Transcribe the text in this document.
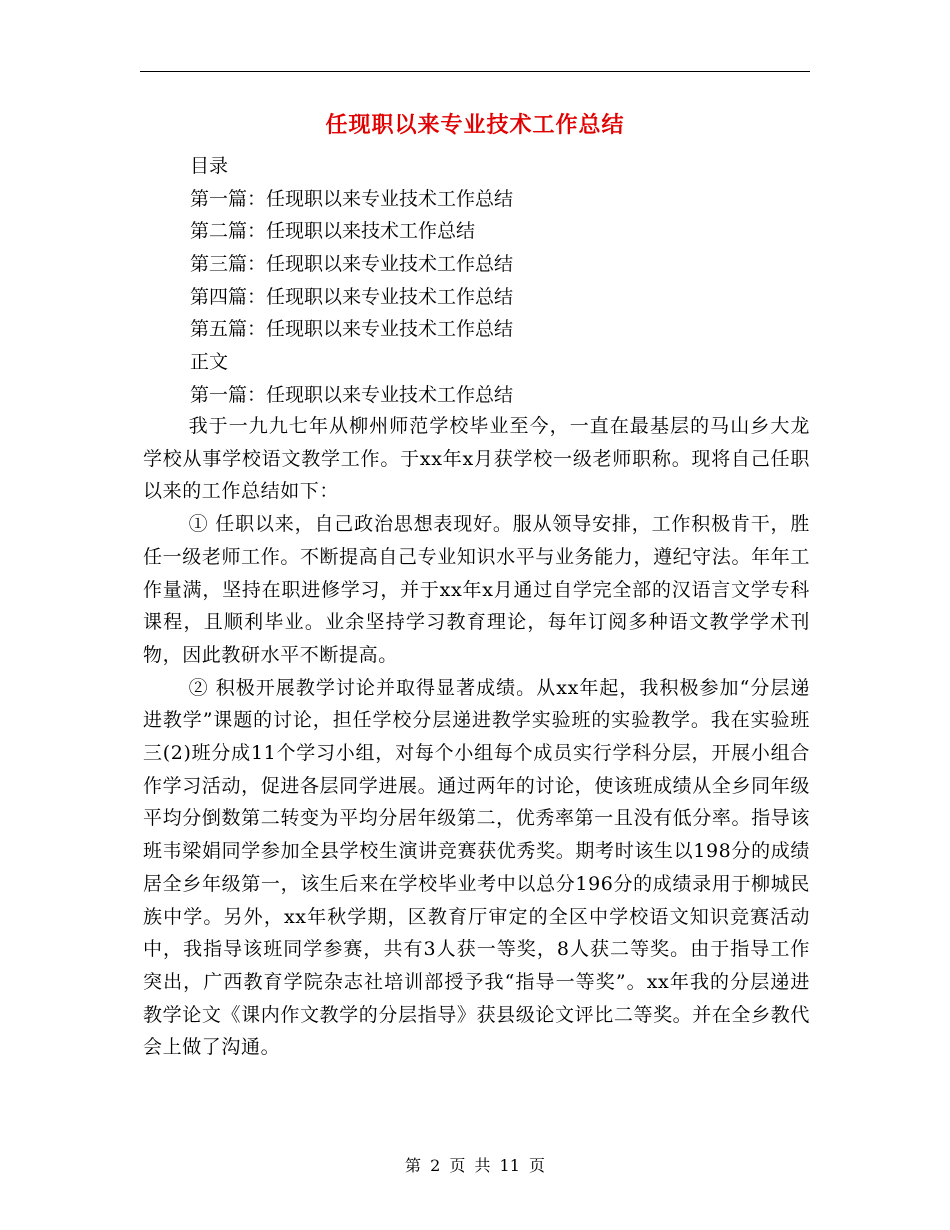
任现职以来专业技术工作总结
目录
第一篇：任现职以来专业技术工作总结
第二篇：任现职以来技术工作总结
第三篇：任现职以来专业技术工作总结
第四篇：任现职以来专业技术工作总结
第五篇：任现职以来专业技术工作总结
正文
第一篇：任现职以来专业技术工作总结

我于一九九七年从柳州师范学校毕业至今，一直在最基层的马山乡大龙学校从事学校语文教学工作。于xx年x月获学校一级老师职称。现将自己任职以来的工作总结如下：

① 任职以来，自己政治思想表现好。服从领导安排，工作积极肯干，胜任一级老师工作。不断提高自己专业知识水平与业务能力，遵纪守法。年年工作量满，坚持在职进修学习，并于xx年x月通过自学完全部的汉语言文学专科课程，且顺利毕业。业余坚持学习教育理论，每年订阅多种语文教学学术刊物，因此教研水平不断提高。

② 积极开展教学讨论并取得显著成绩。从xx年起，我积极参加“分层递进教学”课题的讨论，担任学校分层递进教学实验班的实验教学。我在实验班三(2)班分成11个学习小组，对每个小组每个成员实行学科分层，开展小组合作学习活动，促进各层同学进展。通过两年的讨论，使该班成绩从全乡同年级平均分倒数第二转变为平均分居年级第二，优秀率第一且没有低分率。指导该班韦梁娟同学参加全县学校生演讲竞赛获优秀奖。期考时该生以198分的成绩居全乡年级第一，该生后来在学校毕业考中以总分196分的成绩录用于柳城民族中学。另外，xx年秋学期，区教育厅审定的全区中学校语文知识竞赛活动中，我指导该班同学参赛，共有3人获一等奖，8人获二等奖。由于指导工作突出，广西教育学院杂志社培训部授予我“指导一等奖”。xx年我的分层递进教学论文《课内作文教学的分层指导》获县级论文评比二等奖。并在全乡教代会上做了沟通。

第 2 页 共 11 页
